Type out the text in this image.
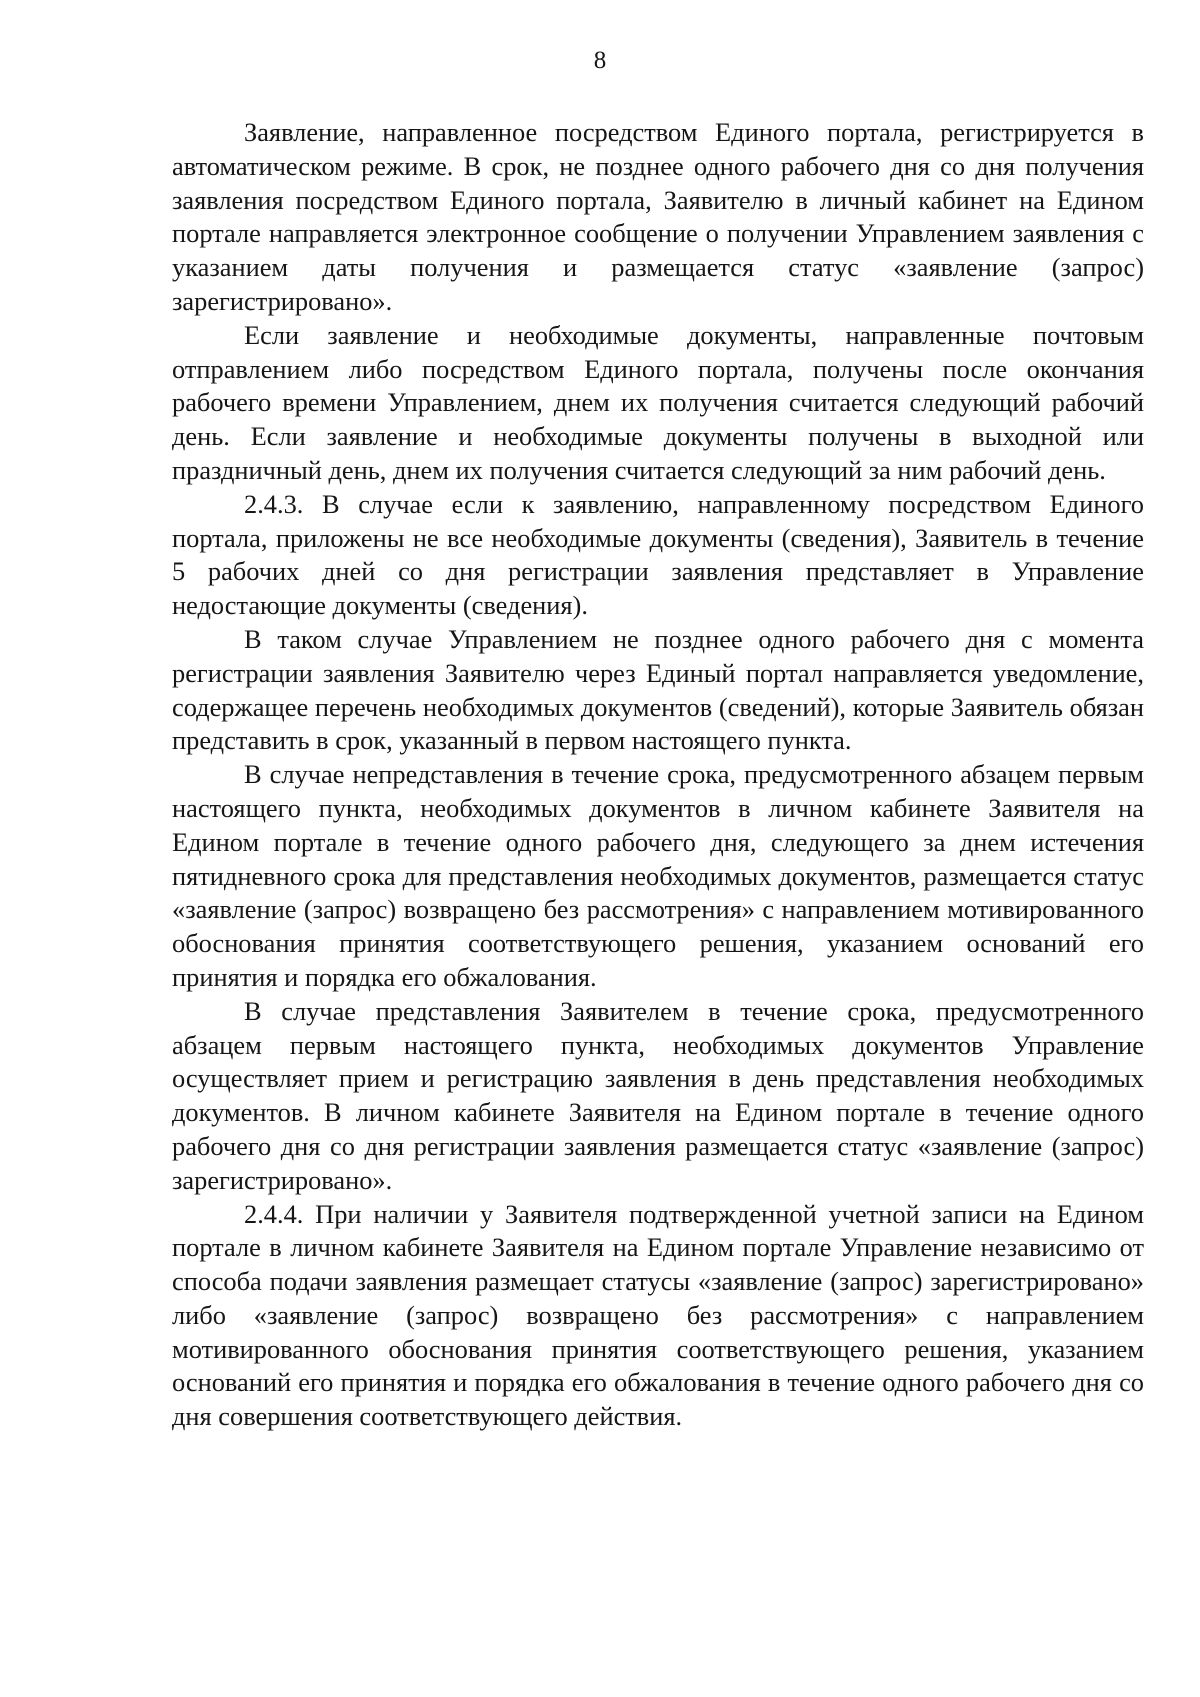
8

Заявление, направленное посредством Единого портала, регистрируется в автоматическом режиме. В срок, не позднее одного рабочего дня со дня получения заявления посредством Единого портала, Заявителю в личный кабинет на Едином портале направляется электронное сообщение о получении Управлением заявления с указанием даты получения и размещается статус «заявление (запрос) зарегистрировано».

Если заявление и необходимые документы, направленные почтовым отправлением либо посредством Единого портала, получены после окончания рабочего времени Управлением, днем их получения считается следующий рабочий день. Если заявление и необходимые документы получены в выходной или праздничный день, днем их получения считается следующий за ним рабочий день.

2.4.3. В случае если к заявлению, направленному посредством Единого портала, приложены не все необходимые документы (сведения), Заявитель в течение 5 рабочих дней со дня регистрации заявления представляет в Управление недостающие документы (сведения).

В таком случае Управлением не позднее одного рабочего дня с момента регистрации заявления Заявителю через Единый портал направляется уведомление, содержащее перечень необходимых документов (сведений), которые Заявитель обязан представить в срок, указанный в первом настоящего пункта.

В случае непредставления в течение срока, предусмотренного абзацем первым настоящего пункта, необходимых документов в личном кабинете Заявителя на Едином портале в течение одного рабочего дня, следующего за днем истечения пятидневного срока для представления необходимых документов, размещается статус «заявление (запрос) возвращено без рассмотрения» с направлением мотивированного обоснования принятия соответствующего решения, указанием оснований его принятия и порядка его обжалования.

В случае представления Заявителем в течение срока, предусмотренного абзацем первым настоящего пункта, необходимых документов Управление осуществляет прием и регистрацию заявления в день представления необходимых документов. В личном кабинете Заявителя на Едином портале в течение одного рабочего дня со дня регистрации заявления размещается статус «заявление (запрос) зарегистрировано».

2.4.4. При наличии у Заявителя подтвержденной учетной записи на Едином портале в личном кабинете Заявителя на Едином портале Управление независимо от способа подачи заявления размещает статусы «заявление (запрос) зарегистрировано» либо «заявление (запрос) возвращено без рассмотрения» с направлением мотивированного обоснования принятия соответствующего решения, указанием оснований его принятия и порядка его обжалования в течение одного рабочего дня со дня совершения соответствующего действия.
